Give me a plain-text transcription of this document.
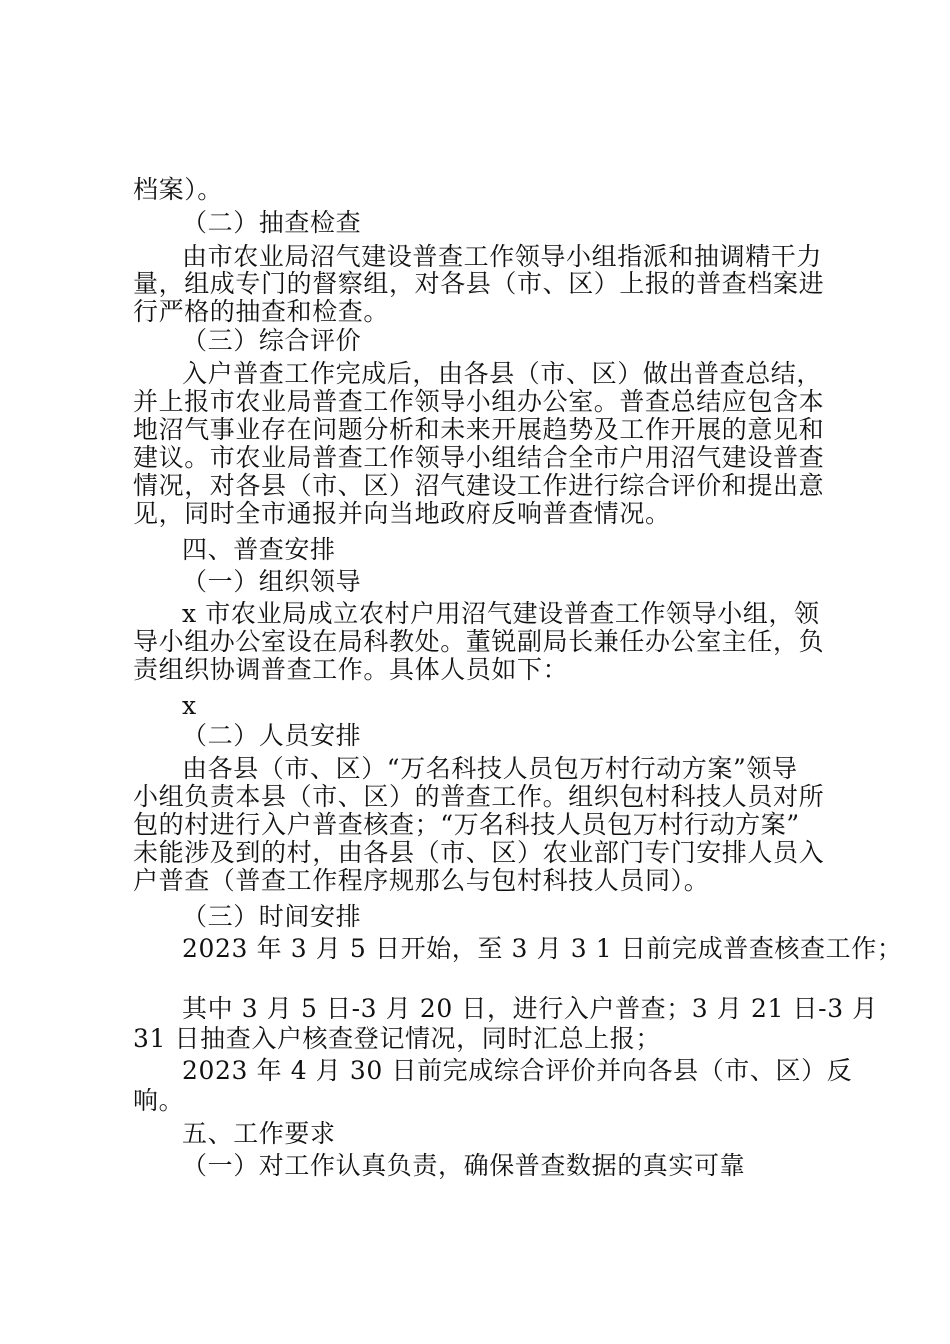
档案）。
（二）抽查检查
由市农业局沼气建设普查工作领导小组指派和抽调精干力
量，组成专门的督察组，对各县（市、区）上报的普查档案进
行严格的抽查和检查。
（三）综合评价
入户普查工作完成后，由各县（市、区）做出普查总结，
并上报市农业局普查工作领导小组办公室。普查总结应包含本
地沼气事业存在问题分析和未来开展趋势及工作开展的意见和
建议。市农业局普查工作领导小组结合全市户用沼气建设普查
情况，对各县（市、区）沼气建设工作进行综合评价和提出意
见，同时全市通报并向当地政府反响普查情况。
四、普查安排
（一）组织领导
x 市农业局成立农村户用沼气建设普查工作领导小组，领
导小组办公室设在局科教处。董锐副局长兼任办公室主任，负
责组织协调普查工作。具体人员如下：
x
（二）人员安排
由各县（市、区）“万名科技人员包万村行动方案”领导
小组负责本县（市、区）的普查工作。组织包村科技人员对所
包的村进行入户普查核查；“万名科技人员包万村行动方案”
未能涉及到的村，由各县（市、区）农业部门专门安排人员入
户普查（普查工作程序规那么与包村科技人员同）。
（三）时间安排
2023 年 3 月 5 日开始，至 3 月 3 1 日前完成普查核查工作；
其中 3 月 5 日-3 月 20 日，进行入户普查；3 月 21 日-3 月
31 日抽查入户核查登记情况，同时汇总上报；
2023 年 4 月 30 日前完成综合评价并向各县（市、区）反
响。
五、工作要求
（一）对工作认真负责，确保普查数据的真实可靠
